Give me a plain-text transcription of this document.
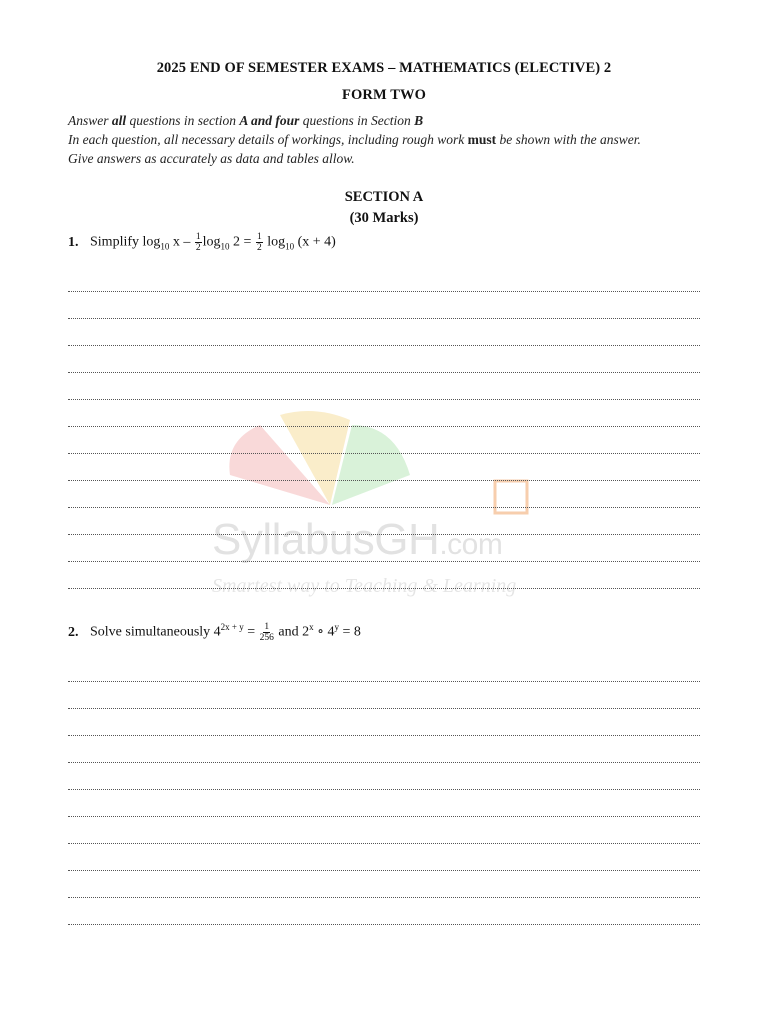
2025 END OF SEMESTER EXAMS – MATHEMATICS (ELECTIVE) 2
FORM TWO
Answer all questions in section A and four questions in Section B
In each question, all necessary details of workings, including rough work must be shown with the answer.
Give answers as accurately as data and tables allow.
SECTION A
(30 Marks)
SyllabusGH.com
Smartest way to Teaching & Learning
1. Simplify $\log_{10} x - \frac{1}{2} \log_{10} 2 = \frac{1}{2} \log_{10} (x + 4)$
2. Solve simultaneously $4^{2x + y} = \frac{1}{256}$ and 2$^x$ ∘ $4^y = 8$
